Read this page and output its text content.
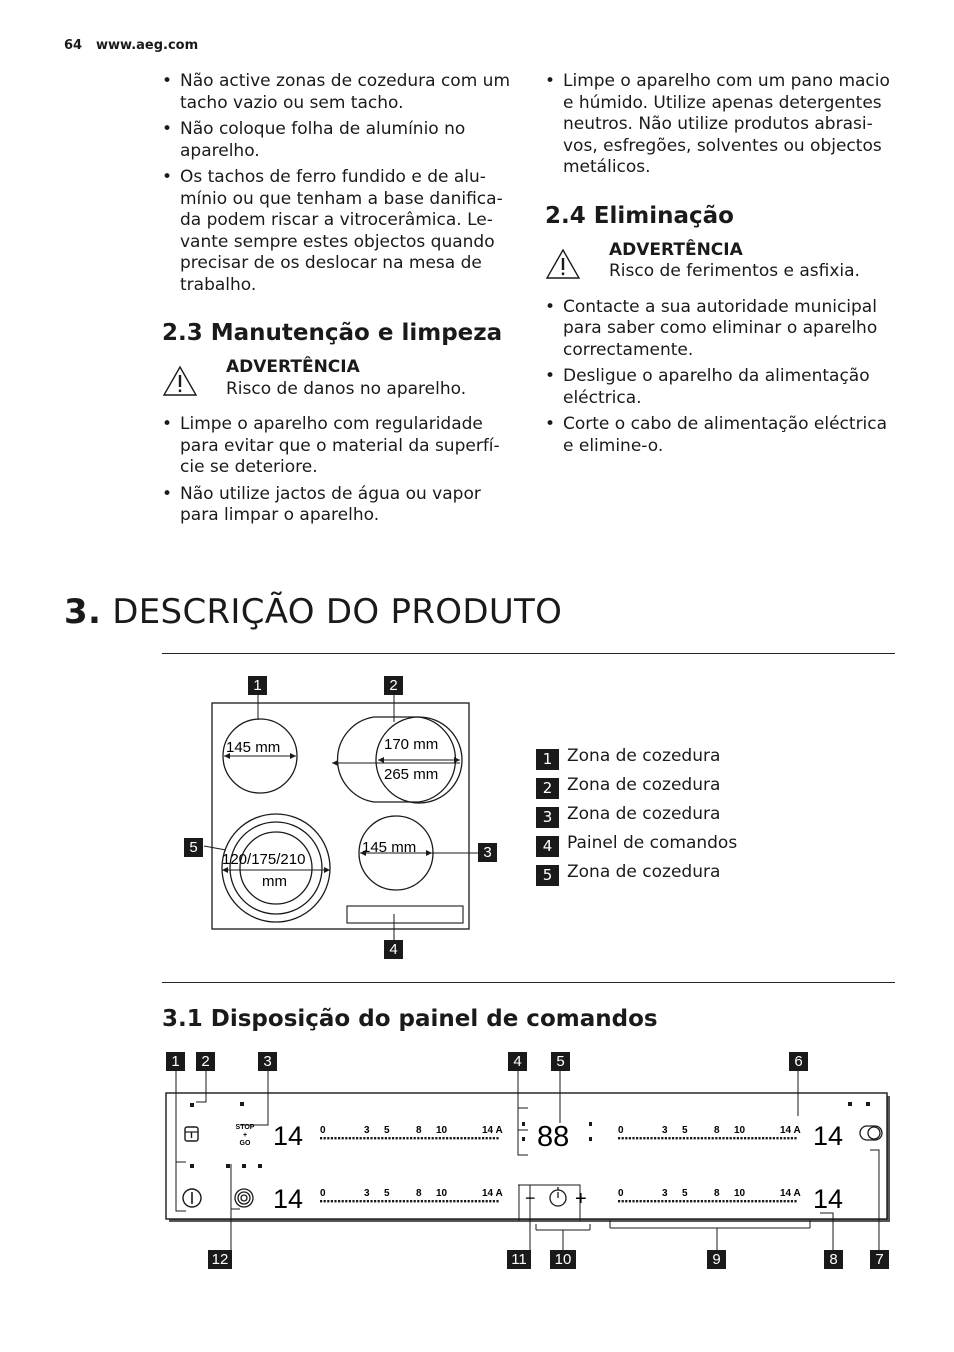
64 www.aeg.com
• Não active zonas de cozedura com um tacho vazio ou sem tacho.
• Não coloque folha de alumínio no aparelho.
• Os tachos de ferro fundido e de alu- mínio ou que tenham a base danifica- da podem riscar a vitrocerâmica. Le- vante sempre estes objectos quando precisar de os deslocar na mesa de trabalho.
2.3 Manutenção e limpeza
ADVERTÊNCIA
Risco de danos no aparelho.
• Limpe o aparelho com regularidade para evitar que o material da superfí- cie se deteriore.
• Não utilize jactos de água ou vapor para limpar o aparelho.
• Limpe o aparelho com um pano macio e húmido. Utilize apenas detergentes neutros. Não utilize produtos abrasi- vos, esfregões, solventes ou objectos metálicos.
2.4 Eliminação
ADVERTÊNCIA
Risco de ferimentos e asfixia.
• Contacte a sua autoridade municipal para saber como eliminar o aparelho correctamente.
• Desligue o aparelho da alimentação eléctrica.
• Corte o cabo de alimentação eléctrica e elimine-o.
3. DESCRIÇÃO DO PRODUTO
145 mm	170 mm
265 mm
120/175/210
mm
145 mm
1	2
3
4
5
1 Zona de cozedura
2 Zona de cozedura
3 Zona de cozedura
4 Painel de comandos
5 Zona de cozedura
3.1 Disposição do painel de comandos
1	2	3	4	5	6
12	11	10	9	8	7
STOP
+
GO 14
14
14
14
88
− +
0	3 5	8 10	14 A
0	3 5	8 10	14 A
0	3 5	8 10	14 A
0	3 5	8 10	14 A
